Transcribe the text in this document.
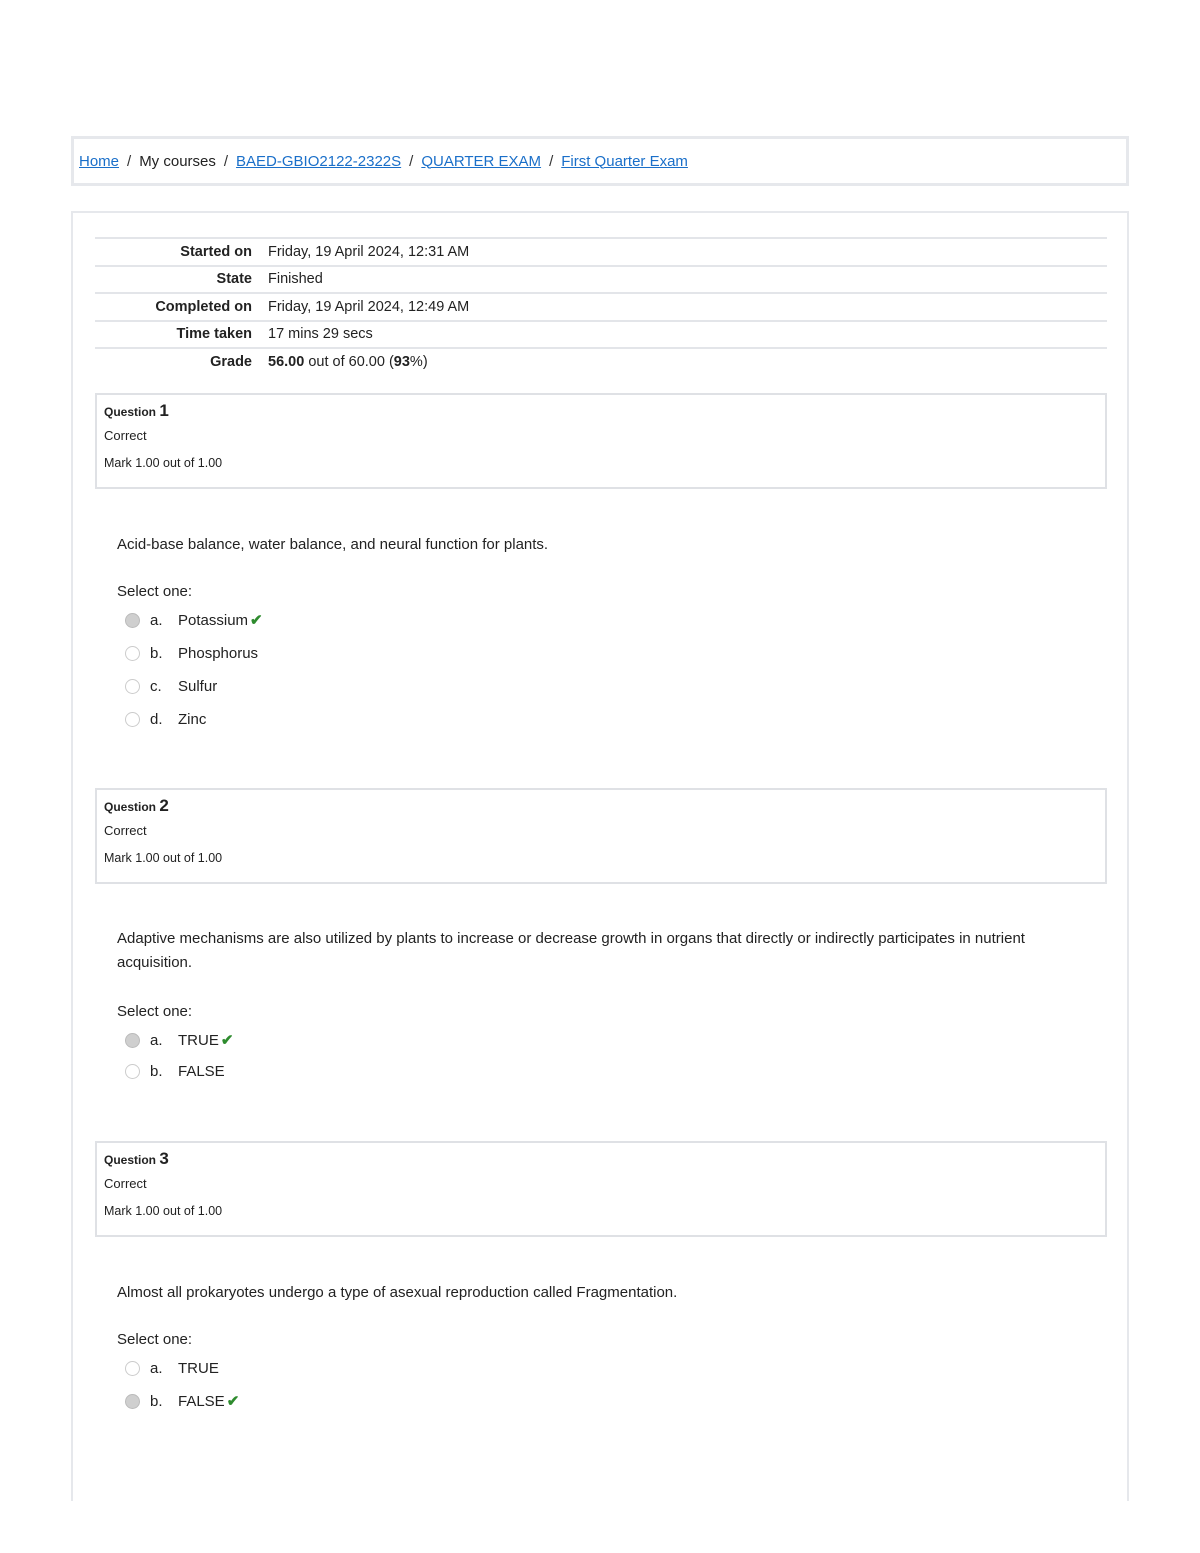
Home / My courses / BAED-GBIO2122-2322S / QUARTER EXAM / First Quarter Exam
Started on	Friday, 19 April 2024, 12:31 AM
State	Finished
Completed on	Friday, 19 April 2024, 12:49 AM
Time taken	17 mins 29 secs
Grade	56.00 out of 60.00 (93%)
Question 1
Correct
Mark 1.00 out of 1.00
Acid-base balance, water balance, and neural function for plants.
Select one:
a.	Potassium ✔
b.	Phosphorus
c.	Sulfur
d.	Zinc
Question 2
Correct
Mark 1.00 out of 1.00
Adaptive mechanisms are also utilized by plants to increase or decrease growth in organs that directly or indirectly participates in nutrient acquisition.
Select one:
a.	TRUE ✔
b.	FALSE
Question 3
Correct
Mark 1.00 out of 1.00
Almost all prokaryotes undergo a type of asexual reproduction called Fragmentation.
Select one:
a.	TRUE
b.	FALSE ✔
